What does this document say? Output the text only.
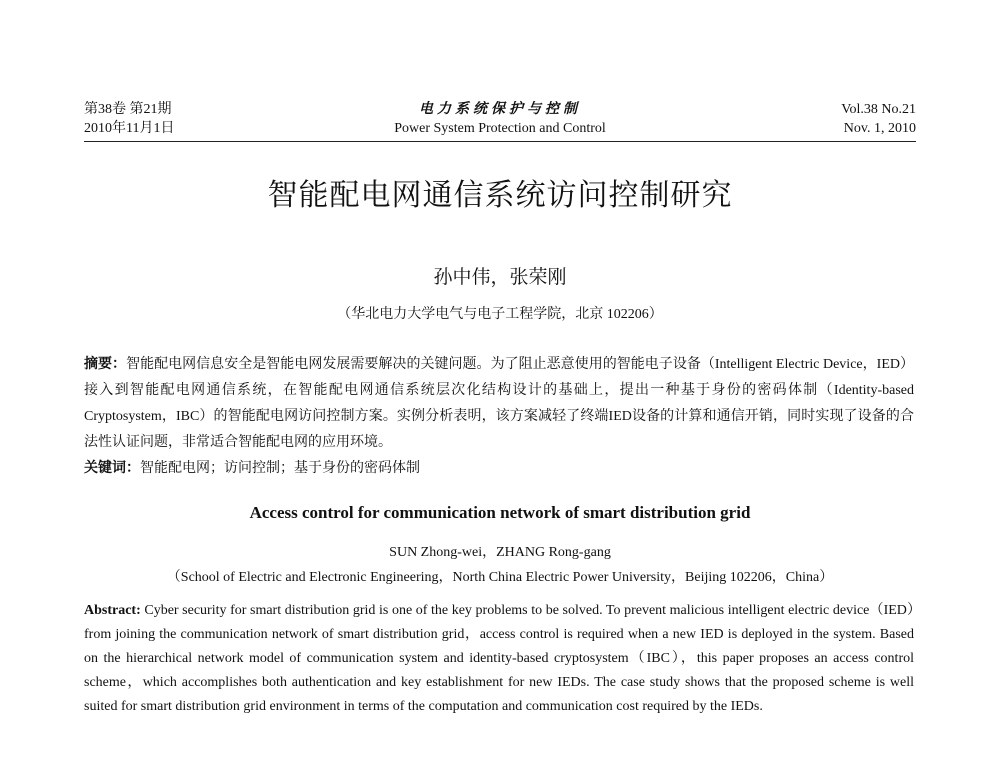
第38卷 第21期
2010年11月1日
电力系统保护与控制
Power System Protection and Control
Vol.38 No.21
Nov. 1, 2010
智能配电网通信系统访问控制研究
孙中伟，张荣刚
（华北电力大学电气与电子工程学院，北京 102206）
摘要：智能配电网信息安全是智能电网发展需要解决的关键问题。为了阻止恶意使用的智能电子设备（Intelligent Electric Device，IED）接入到智能配电网通信系统，在智能配电网通信系统层次化结构设计的基础上，提出一种基于身份的密码体制（Identity-based Cryptosystem，IBC）的智能配电网访问控制方案。实例分析表明，该方案减轻了终端IED设备的计算和通信开销，同时实现了设备的合法性认证问题，非常适合智能配电网的应用环境。
关键词：智能配电网；访问控制；基于身份的密码体制
Access control for communication network of smart distribution grid
SUN Zhong-wei，ZHANG Rong-gang
（School of Electric and Electronic Engineering，North China Electric Power University，Beijing 102206，China）
Abstract: Cyber security for smart distribution grid is one of the key problems to be solved. To prevent malicious intelligent electric device（IED）from joining the communication network of smart distribution grid，access control is required when a new IED is deployed in the system. Based on the hierarchical network model of communication system and identity-based cryptosystem（IBC），this paper proposes an access control scheme，which accomplishes both authentication and key establishment for new IEDs. The case study shows that the proposed scheme is well suited for smart distribution grid environment in terms of the computation and communication cost required by the IEDs.
